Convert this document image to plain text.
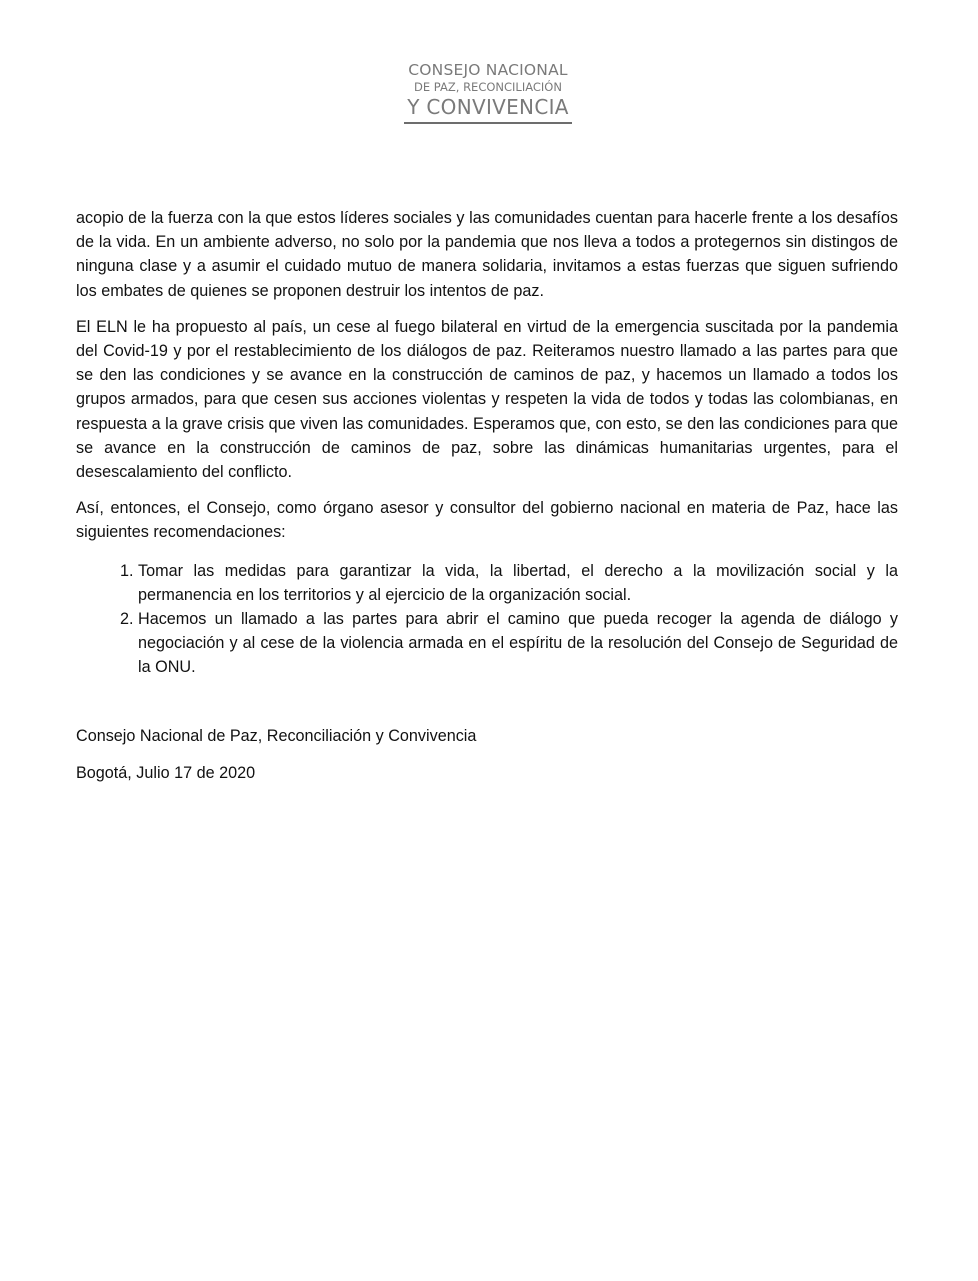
CONSEJO NACIONAL
DE PAZ, RECONCILIACIÓN
Y CONVIVENCIA

acopio de la fuerza con la que estos líderes sociales y las comunidades cuentan para hacerle frente a los desafíos de la vida. En un ambiente adverso, no solo por la pandemia que nos lleva a todos a protegernos sin distingos de ninguna clase y a asumir el cuidado mutuo de manera solidaria, invitamos a estas fuerzas que siguen sufriendo los embates de quienes se proponen destruir los intentos de paz.

El ELN le ha propuesto al país, un cese al fuego bilateral en virtud de la emergencia suscitada por la pandemia del Covid-19 y por el restablecimiento de los diálogos de paz. Reiteramos nuestro llamado a las partes para que se den las condiciones y se avance en la construcción de caminos de paz, y hacemos un llamado a todos los grupos armados, para que cesen sus acciones violentas y respeten la vida de todos y todas las colombianas, en respuesta a la grave crisis que viven las comunidades. Esperamos que, con esto, se den las condiciones para que se avance en la construcción de caminos de paz, sobre las dinámicas humanitarias urgentes, para el desescalamiento del conflicto.

Así, entonces, el Consejo, como órgano asesor y consultor del gobierno nacional en materia de Paz, hace las siguientes recomendaciones:

1. Tomar las medidas para garantizar la vida, la libertad, el derecho a la movilización social y la permanencia en los territorios y al ejercicio de la organización social.
2. Hacemos un llamado a las partes para abrir el camino que pueda recoger la agenda de diálogo y negociación y al cese de la violencia armada en el espíritu de la resolución del Consejo de Seguridad de la ONU.
Consejo Nacional de Paz, Reconciliación y Convivencia
Bogotá, Julio 17 de 2020
